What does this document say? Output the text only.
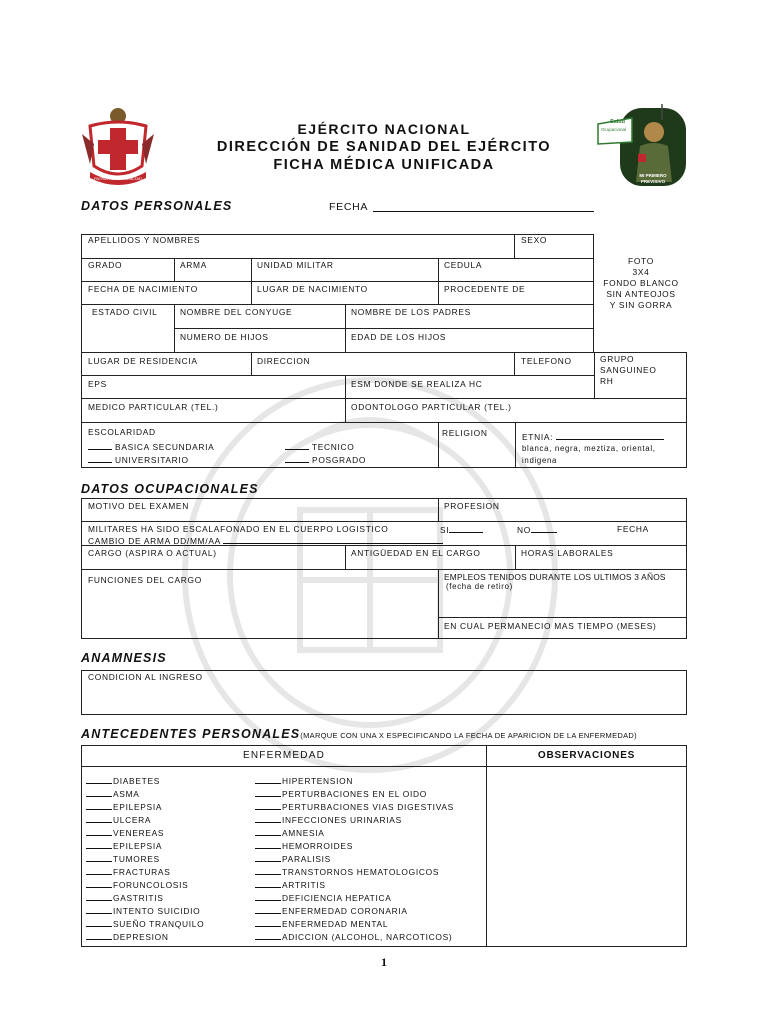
PATRIA HONOR LEALTAD
Salud
Ocupacional
MI PRIMERO
PREVISIVO
EJÉRCITO NACIONAL
DIRECCIÓN DE SANIDAD DEL EJÉRCITO
FICHA MÉDICA UNIFICADA
DATOS PERSONALES	FECHA
APELLIDOS Y NOMBRES	SEXO
GRADO	ARMA	UNIDAD MILITAR	CEDULA
FECHA DE NACIMIENTO	LUGAR DE NACIMIENTO	PROCEDENTE DE
ESTADO CIVIL	NOMBRE DEL CONYUGE	NOMBRE DE LOS PADRES
NUMERO DE HIJOS	EDAD DE LOS HIJOS
FOTO
3X4
FONDO BLANCO
SIN ANTEOJOS
Y SIN GORRA
LUGAR DE RESIDENCIA	DIRECCION	TELEFONO	GRUPO
SANGUINEO
RH
EPS	ESM DONDE SE REALIZA HC
MEDICO PARTICULAR (TEL.)	ODONTOLOGO PARTICULAR (TEL.)
ESCOLARIDAD
BASICA SECUNDARIA
UNIVERSITARIO
TECNICO
POSGRADO
RELIGION	ETNIA:
blanca, negra, meztiza, oriental,
indigena
DATOS OCUPACIONALES
MOTIVO DEL EXAMEN	PROFESION
MILITARES HA SIDO ESCALAFONADO EN EL CUERPO LOGISTICO	SI	NO	FECHA
CAMBIO DE ARMA DD/MM/AA
CARGO (ASPIRA O ACTUAL)	ANTIGÜEDAD EN EL CARGO	HORAS LABORALES
FUNCIONES DEL CARGO	EMPLEOS TENIDOS DURANTE LOS ULTIMOS 3 AÑOS
(fecha de retiro)
EN CUAL PERMANECIO MAS TIEMPO (MESES)
ANAMNESIS
CONDICION AL INGRESO
ANTECEDENTES PERSONALES(MARQUE CON UNA X ESPECIFICANDO LA FECHA DE APARICION DE LA ENFERMEDAD)
ENFERMEDAD	OBSERVACIONES
DIABETES
ASMA
EPILEPSIA
ULCERA
VENEREAS
EPILEPSIA
TUMORES
FRACTURAS
FORUNCOLOSIS
GASTRITIS
INTENTO SUICIDIO
SUEÑO TRANQUILO
DEPRESION
HIPERTENSION
PERTURBACIONES EN EL OIDO
PERTURBACIONES VIAS DIGESTIVAS
INFECCIONES URINARIAS
AMNESIA
HEMORROIDES
PARALISIS
TRANSTORNOS HEMATOLOGICOS
ARTRITIS
DEFICIENCIA HEPATICA
ENFERMEDAD CORONARIA
ENFERMEDAD MENTAL
ADICCION (ALCOHOL, NARCOTICOS)
1
